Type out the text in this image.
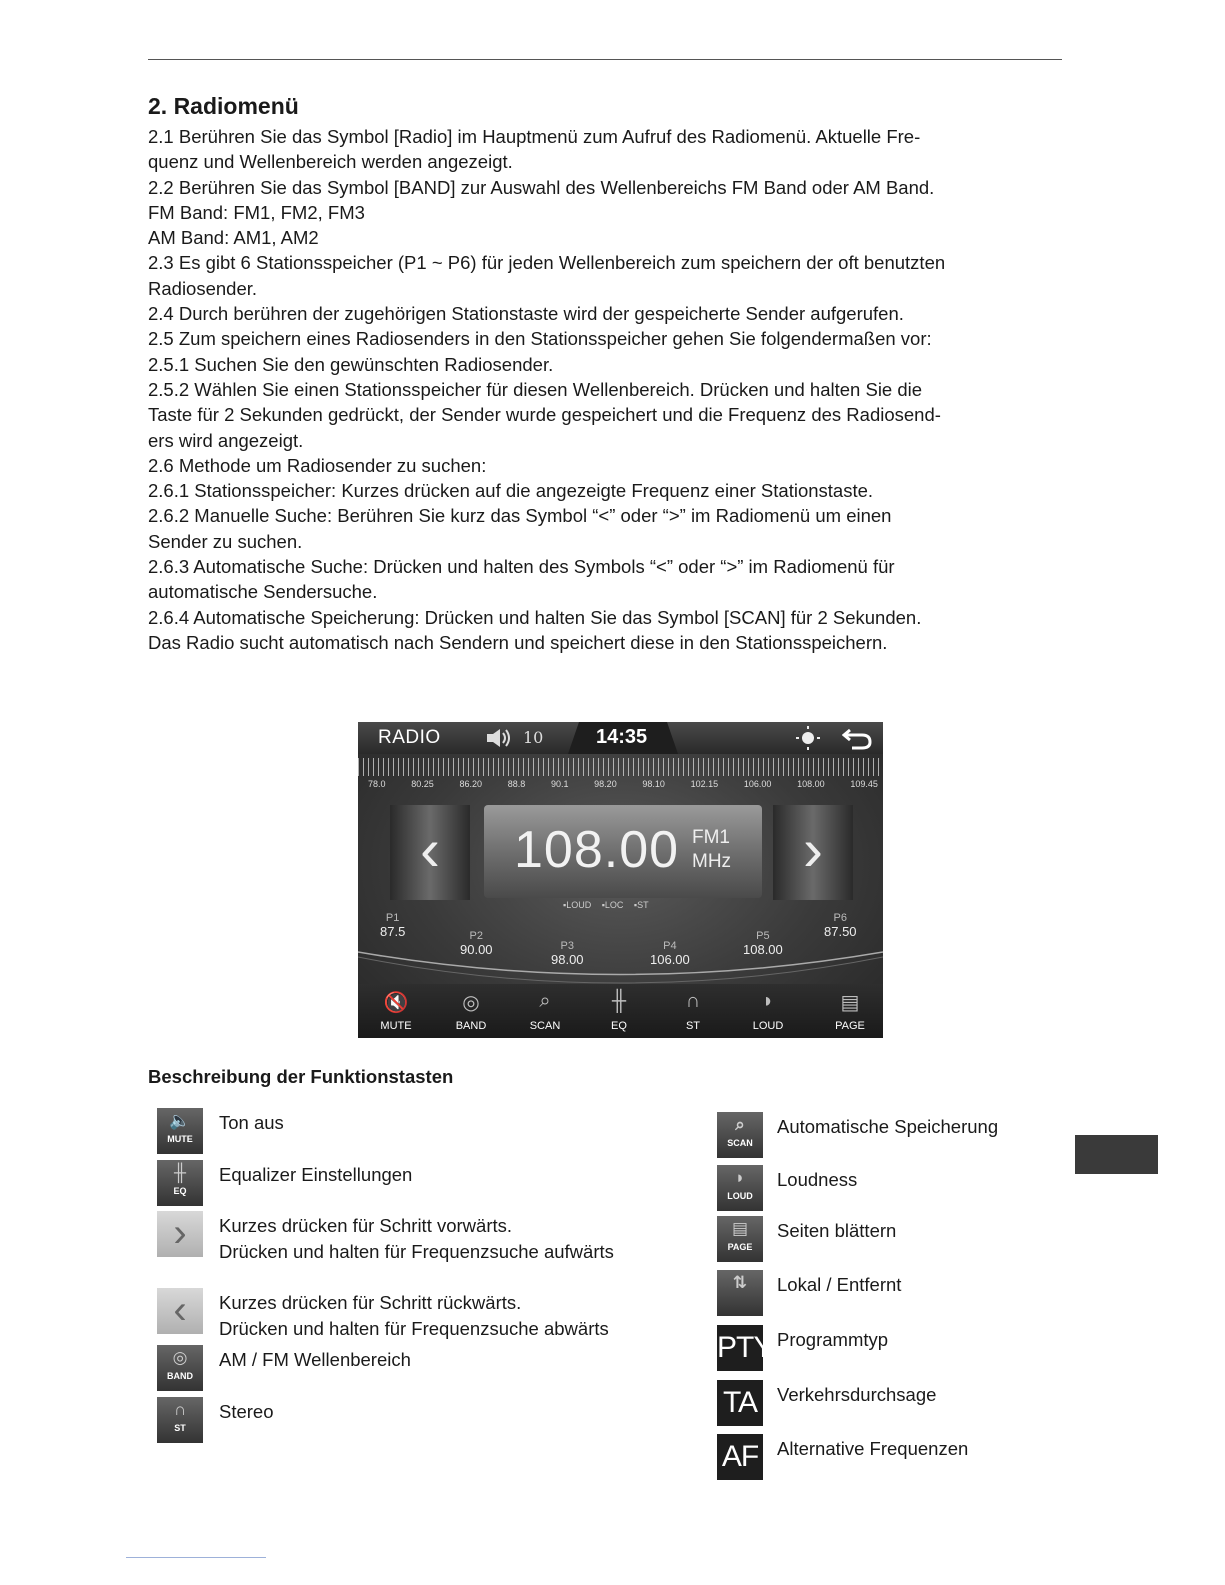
2. Radiomenü

2.1 Berühren Sie das Symbol [Radio] im Hauptmenü zum Aufruf des Radiomenü. Aktuelle Fre-

quenz und Wellenbereich werden angezeigt.

2.2 Berühren Sie das Symbol [BAND] zur Auswahl des Wellenbereichs FM Band oder AM Band.

FM Band: FM1, FM2, FM3

AM Band: AM1, AM2

2.3 Es gibt 6 Stationsspeicher (P1 ~ P6) für jeden Wellenbereich zum speichern der oft benutzten

Radiosender.

2.4 Durch berühren der zugehörigen Stationstaste wird der gespeicherte Sender aufgerufen.

2.5 Zum speichern eines Radiosenders in den Stationsspeicher gehen Sie folgendermaßen vor:

2.5.1 Suchen Sie den gewünschten Radiosender.

2.5.2 Wählen Sie einen Stationsspeicher für diesen Wellenbereich. Drücken und halten Sie die

Taste für 2 Sekunden gedrückt, der Sender wurde gespeichert und die Frequenz des Radiosend-

ers wird angezeigt.

2.6 Methode um Radiosender zu suchen:

2.6.1 Stationsspeicher: Kurzes drücken auf die angezeigte Frequenz einer Stationstaste.

2.6.2 Manuelle Suche: Berühren Sie kurz das Symbol “<” oder “>” im Radiomenü um einen

Sender zu suchen.

2.6.3 Automatische Suche: Drücken und halten des Symbols “<” oder “>” im Radiomenü für

automatische Sendersuche.

2.6.4 Automatische Speicherung: Drücken und halten Sie das Symbol [SCAN] für 2 Sekunden.

Das Radio sucht automatisch nach Sendern und speichert diese in den Stationsspeichern.

RADIO	10	14:35
78.0	80.25	86.20	88.8	90.1	98.20	98.10	102.15	106.00	108.00	109.45
‹	108.00 FM1
MHz	›
▪LOUD ▪LOC ▪ST
P1
87.5	P2
90.00	P3
98.00
P4
106.00
P5
108.00
P6
87.50
🔇
MUTE
◎
BAND
⌕
SCAN
╫
EQ
∩
ST
◗
LOUD
▤
PAGE
Beschreibung der Funktionstasten
🔈
MUTE
Ton aus
╫
EQ
Equalizer Einstellungen
›	Kurzes drücken für Schritt vorwärts.
Drücken und halten für Frequenzsuche aufwärts
‹	Kurzes drücken für Schritt rückwärts.
Drücken und halten für Frequenzsuche abwärts
◎
BAND
AM / FM Wellenbereich
∩
ST
Stereo
⌕
SCAN
Automatische Speicherung
◗
LOUD
Loudness
▤
PAGE
Seiten blättern
⇅	Lokal / Entfernt
PTY Programmtyp
TA	Verkehrsdurchsage
AF Alternative Frequenzen
